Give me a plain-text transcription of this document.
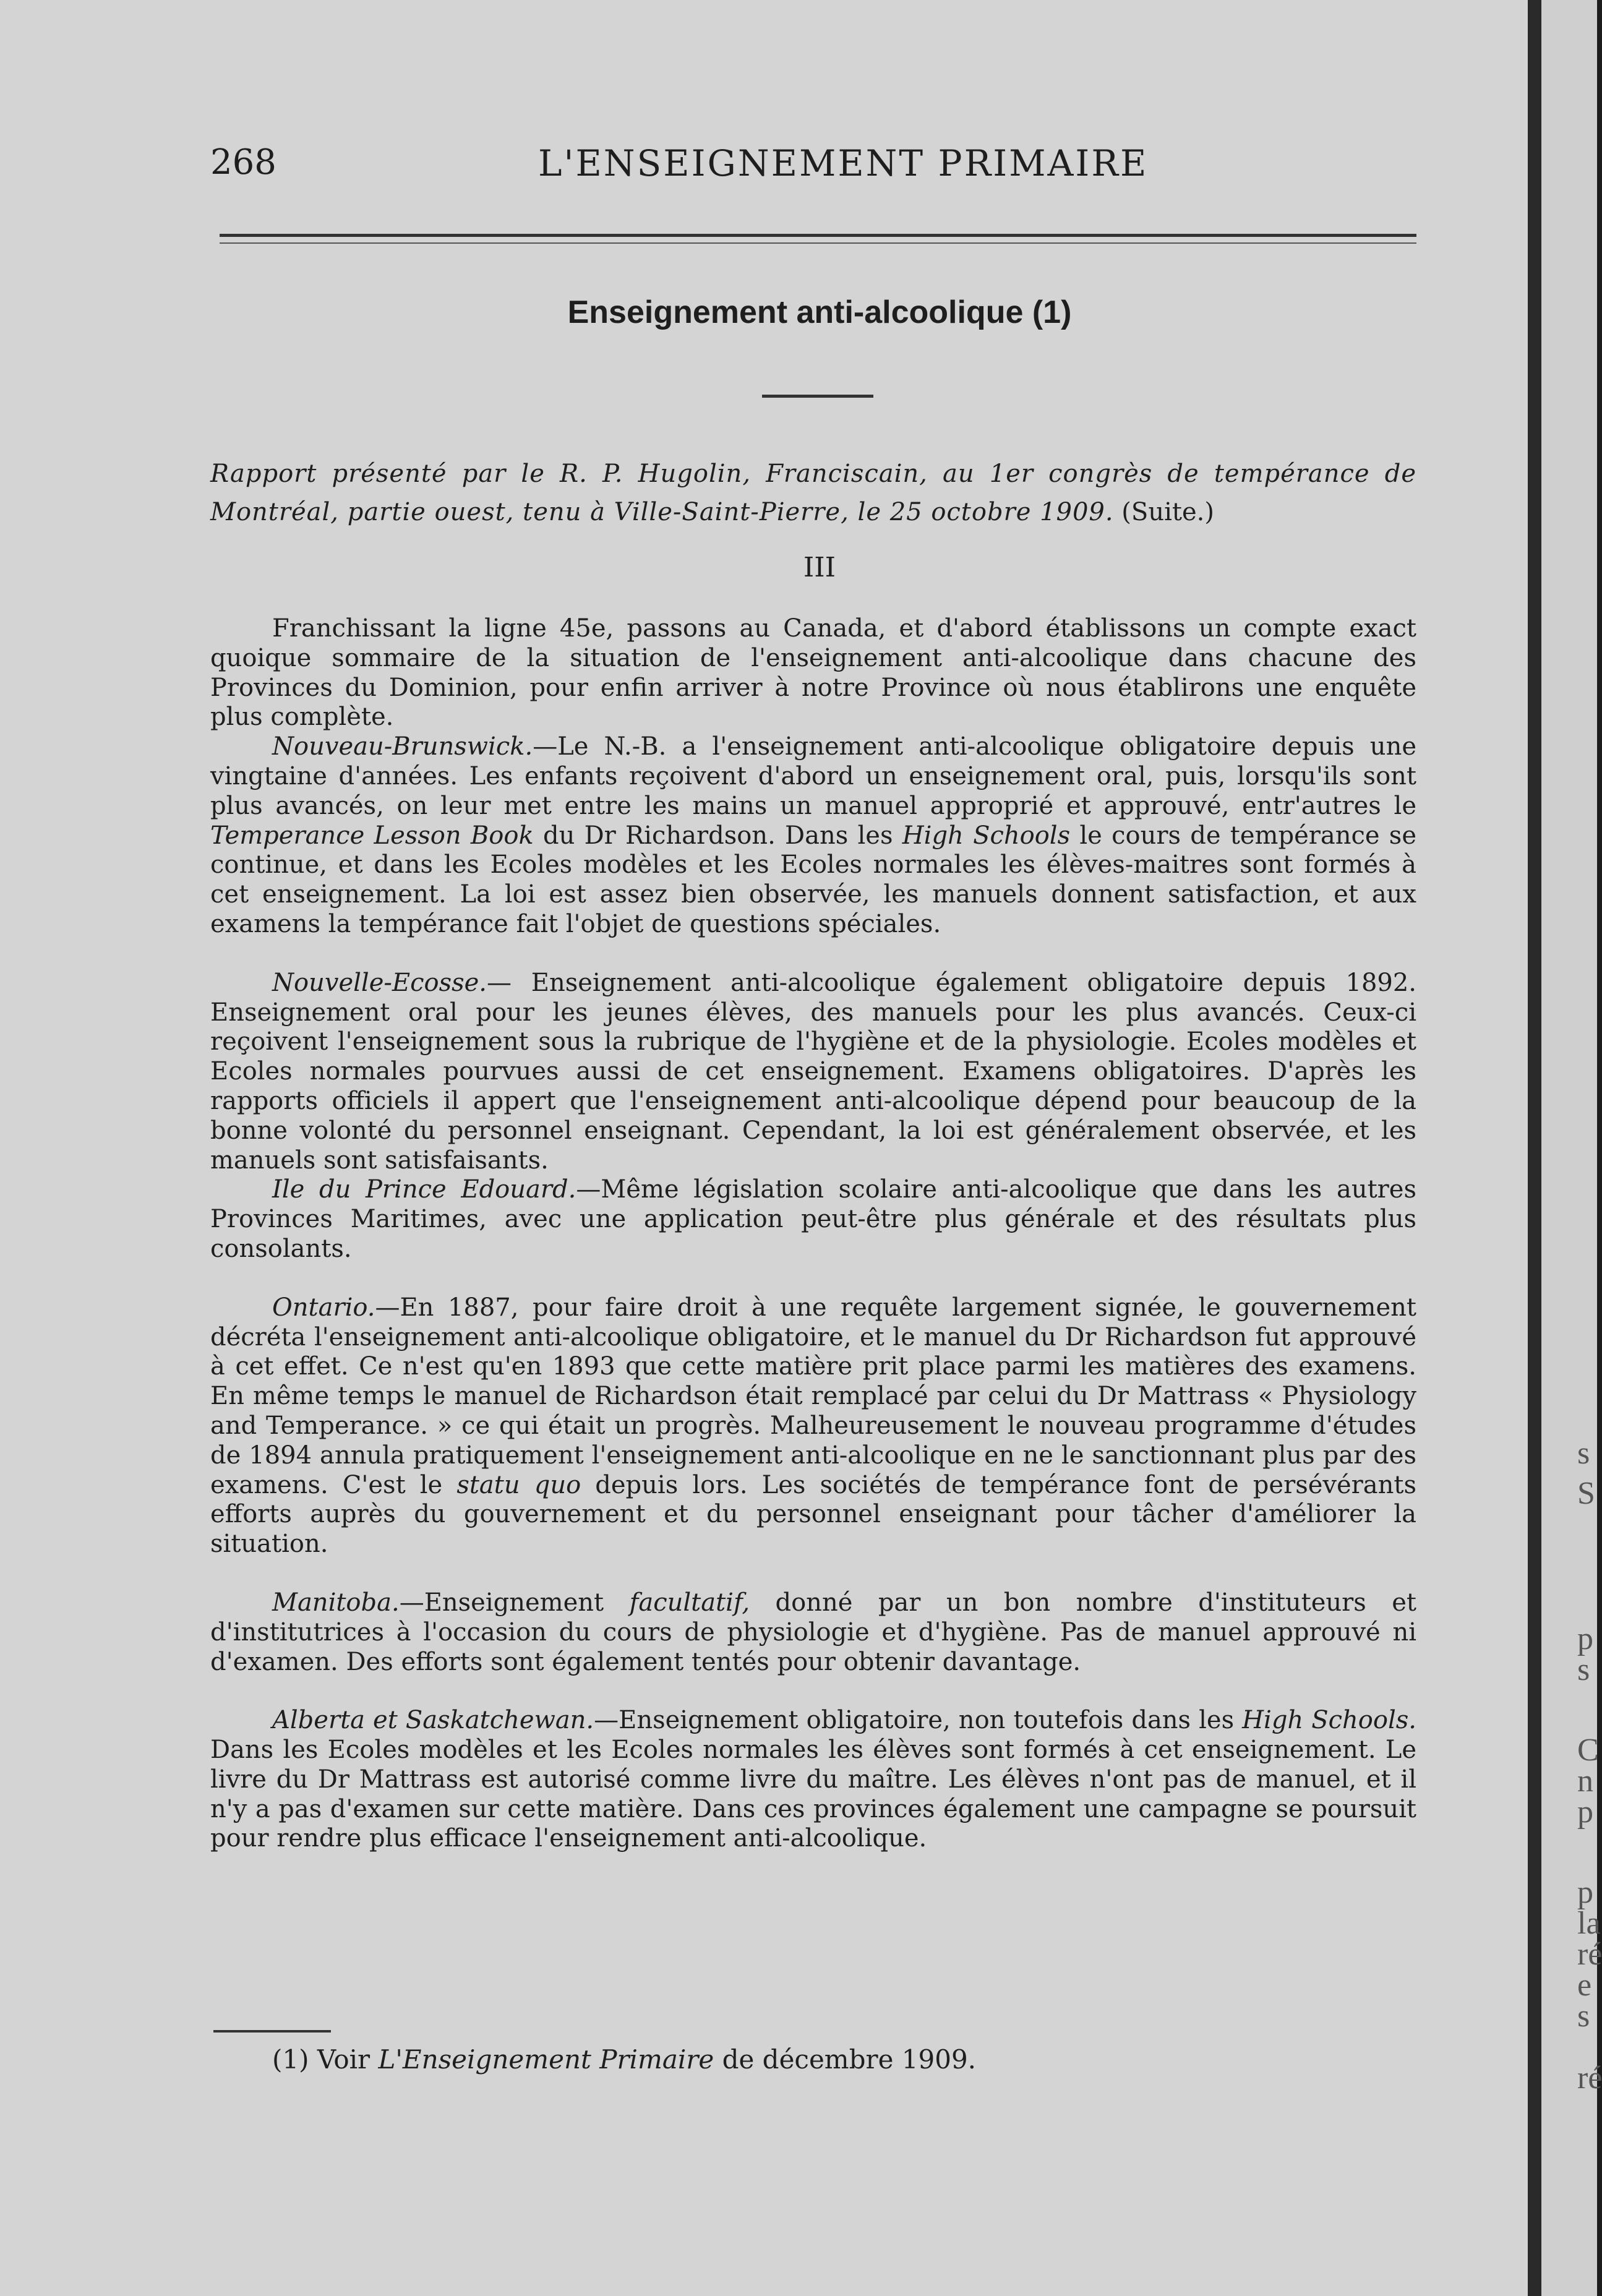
268	L'ENSEIGNEMENT PRIMAIRE
Enseignement anti-alcoolique (1)
Rapport présenté par le R. P. Hugolin, Franciscain, au 1er congrès de tempérance de Montréal, partie ouest, tenu à Ville-Saint-Pierre, le 25 octobre 1909. (Suite.)
III

Franchissant la ligne 45e, passons au Canada, et d'abord établissons un compte exact quoique sommaire de la situation de l'enseignement anti-alcoolique dans chacune des Provinces du Dominion, pour enfin arriver à notre Province où nous établirons une enquête plus complète.

Nouveau-Brunswick.—Le N.-B. a l'enseignement anti-alcoolique obligatoire depuis une vingtaine d'années. Les enfants reçoivent d'abord un enseignement oral, puis, lorsqu'ils sont plus avancés, on leur met entre les mains un manuel approprié et approuvé, entr'autres le Temperance Lesson Book du Dr Richardson. Dans les High Schools le cours de tempérance se continue, et dans les Ecoles modèles et les Ecoles normales les élèves-maitres sont formés à cet enseignement. La loi est assez bien observée, les manuels donnent satisfaction, et aux examens la tempérance fait l'objet de questions spéciales.

Nouvelle-Ecosse.— Enseignement anti-alcoolique également obligatoire depuis 1892. Enseignement oral pour les jeunes élèves, des manuels pour les plus avancés. Ceux-ci reçoivent l'enseignement sous la rubrique de l'hygiène et de la physiologie. Ecoles modèles et Ecoles normales pourvues aussi de cet enseignement. Examens obligatoires. D'après les rapports officiels il appert que l'enseignement anti-alcoolique dépend pour beaucoup de la bonne volonté du personnel enseignant. Cependant, la loi est généralement observée, et les manuels sont satisfaisants.

Ile du Prince Edouard.—Même législation scolaire anti-alcoolique que dans les autres Provinces Maritimes, avec une application peut-être plus générale et des résultats plus consolants.

Ontario.—En 1887, pour faire droit à une requête largement signée, le gouvernement décréta l'enseignement anti-alcoolique obligatoire, et le manuel du Dr Richardson fut approuvé à cet effet. Ce n'est qu'en 1893 que cette matière prit place parmi les matières des examens. En même temps le manuel de Richardson était remplacé par celui du Dr Mattrass « Physiology and Temperance. » ce qui était un progrès. Malheureusement le nouveau programme d'études de 1894 annula pratiquement l'enseignement anti-alcoolique en ne le sanctionnant plus par des examens. C'est le statu quo depuis lors. Les sociétés de tempérance font de persévérants efforts auprès du gouvernement et du personnel enseignant pour tâcher d'améliorer la situation.

Manitoba.—Enseignement facultatif, donné par un bon nombre d'instituteurs et d'institutrices à l'occasion du cours de physiologie et d'hygiène. Pas de manuel approuvé ni d'examen. Des efforts sont également tentés pour obtenir davantage.

Alberta et Saskatchewan.—Enseignement obligatoire, non toutefois dans les High Schools. Dans les Ecoles modèles et les Ecoles normales les élèves sont formés à cet enseignement. Le livre du Dr Mattrass est autorisé comme livre du maître. Les élèves n'ont pas de manuel, et il n'y a pas d'examen sur cette matière. Dans ces provinces également une campagne se poursuit pour rendre plus efficace l'enseignement anti-alcoolique.

(1) Voir L'Enseignement Primaire de décembre 1909.
s
S
p
s
C
n
p
p
la
ré
e
s
ré
